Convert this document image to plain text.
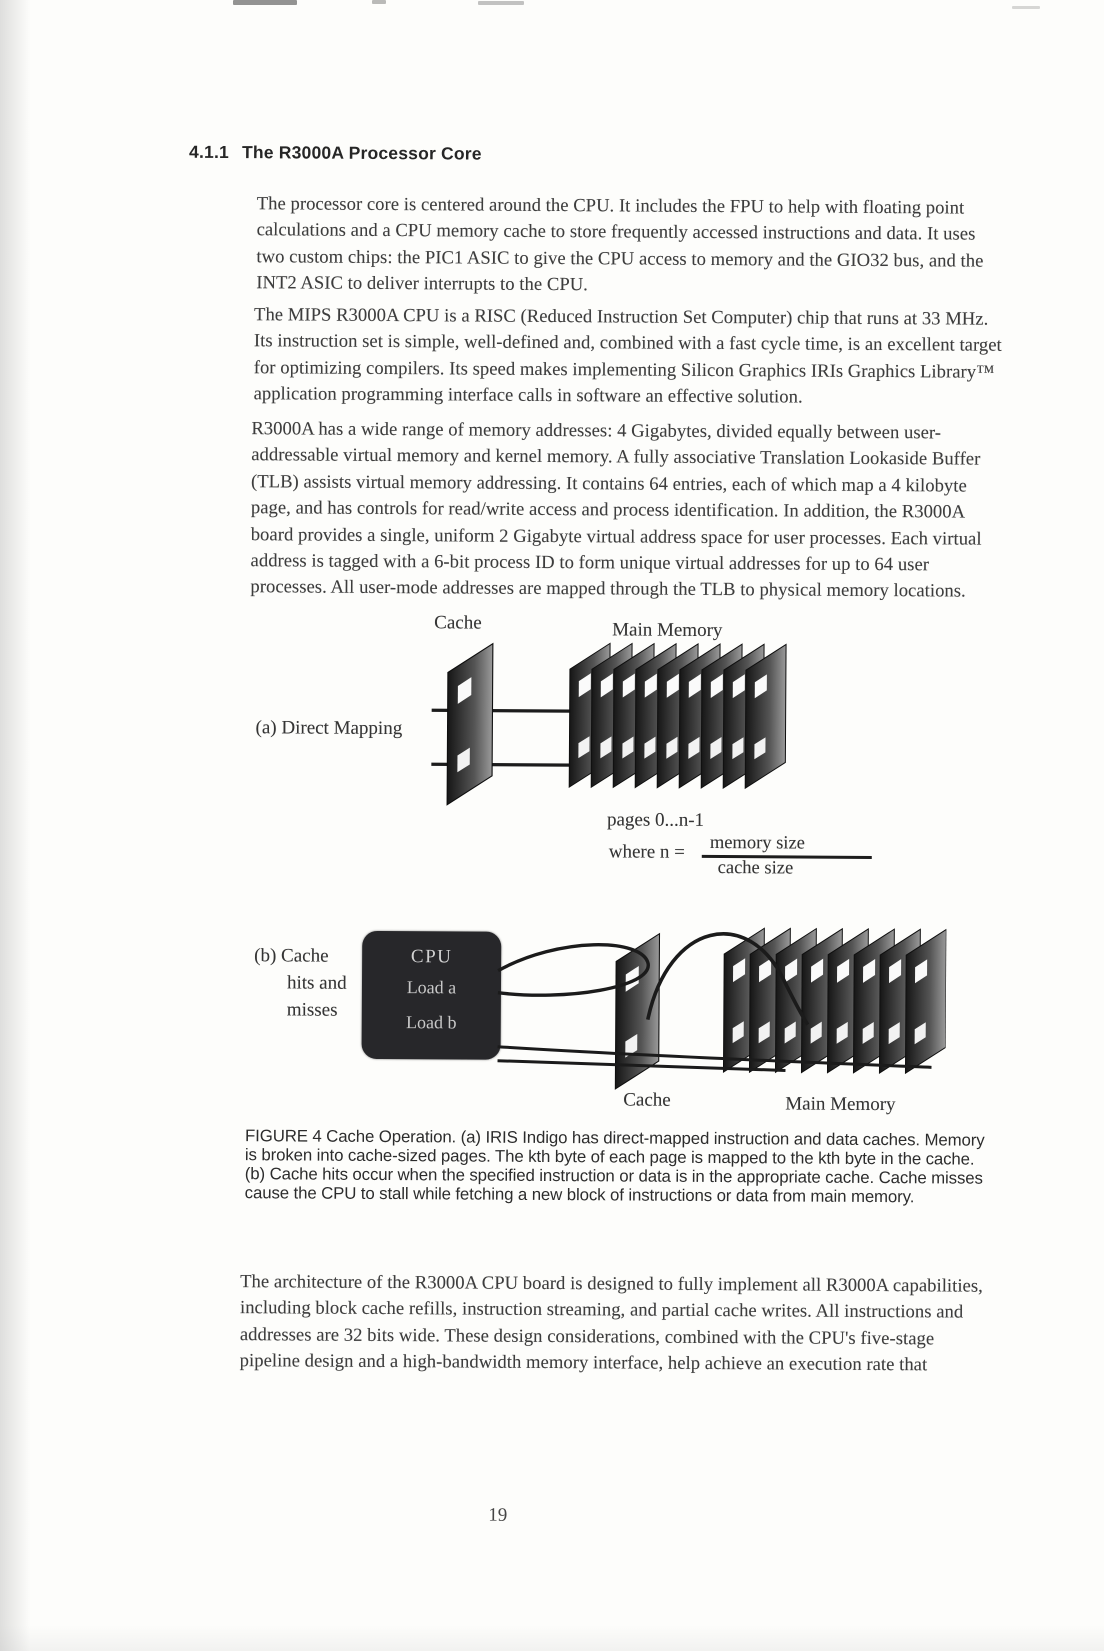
4.1.1 The R3000A Processor Core
The processor core is centered around the CPU. It includes the FPU to help with floating point calculations and a CPU memory cache to store frequently accessed instructions and data. It uses two custom chips: the PIC1 ASIC to give the CPU access to memory and the GIO32 bus, and the INT2 ASIC to deliver interrupts to the CPU.
The MIPS R3000A CPU is a RISC (Reduced Instruction Set Computer) chip that runs at 33 MHz. Its instruction set is simple, well-defined and, combined with a fast cycle time, is an excellent target for optimizing compilers. Its speed makes implementing Silicon Graphics IRIs Graphics Library™ application programming interface calls in software an effective solution.
R3000A has a wide range of memory addresses: 4 Gigabytes, divided equally between user-addressable virtual memory and kernel memory. A fully associative Translation Lookaside Buffer (TLB) assists virtual memory addressing. It contains 64 entries, each of which map a 4 kilobyte page, and has controls for read/write access and process identification. In addition, the R3000A board provides a single, uniform 2 Gigabyte virtual address space for user processes. Each virtual address is tagged with a 6-bit process ID to form unique virtual addresses for up to 64 user processes. All user-mode addresses are mapped through the TLB to physical memory locations.
Cache	Main Memory
(a) Direct Mapping
pages 0...n-1
where n =	memory size
cache size
(b) Cache
hits and
misses
CPU
Load a
Load b
Cache	Main Memory
FIGURE 4 Cache Operation. (a) IRIS Indigo has direct-mapped instruction and data caches. Memory is broken into cache-sized pages. The kth byte of each page is mapped to the kth byte in the cache. (b) Cache hits occur when the specified instruction or data is in the appropriate cache. Cache misses cause the CPU to stall while fetching a new block of instructions or data from main memory.
The architecture of the R3000A CPU board is designed to fully implement all R3000A capabilities, including block cache refills, instruction streaming, and partial cache writes. All instructions and addresses are 32 bits wide. These design considerations, combined with the CPU's five-stage pipeline design and a high-bandwidth memory interface, help achieve an execution rate that
19
